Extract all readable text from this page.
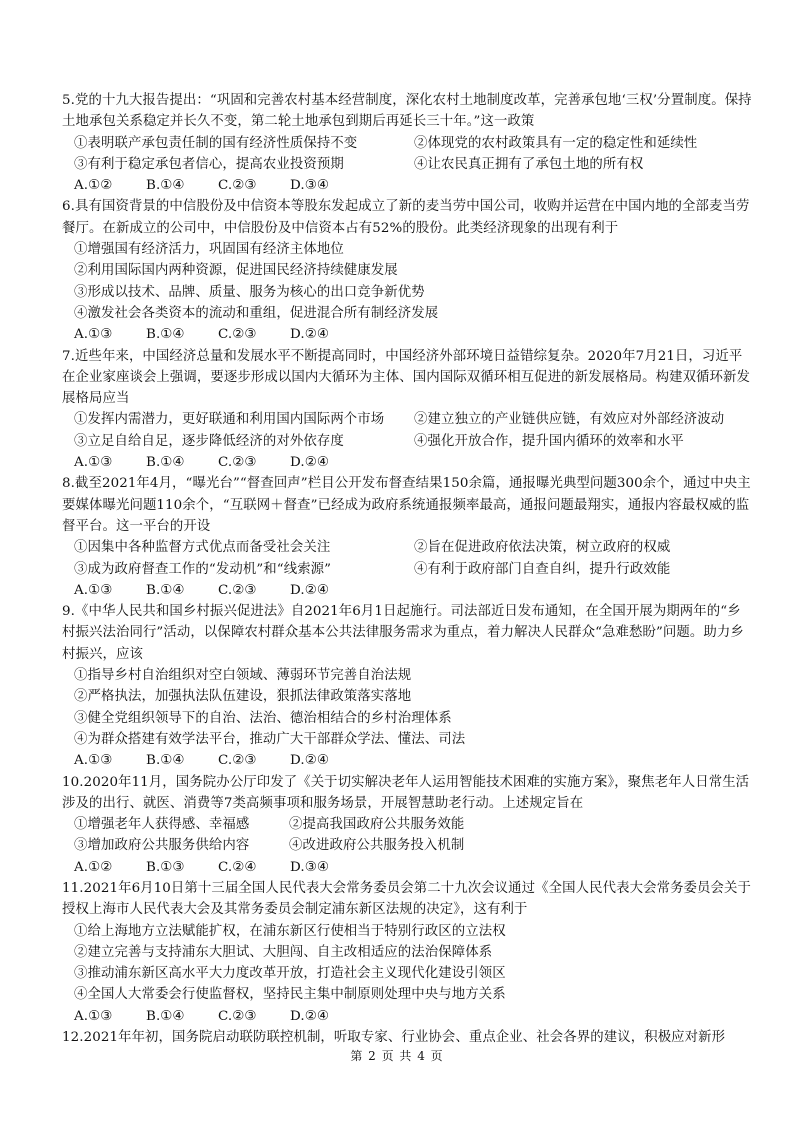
5.党的十九大报告提出：“巩固和完善农村基本经营制度，深化农村土地制度改革，完善承包地‘三权’分置制度。保持土地承包关系稳定并长久不变，第二轮土地承包到期后再延长三十年。”这一政策
①表明联产承包责任制的国有经济性质保持不变	②体现党的农村政策具有一定的稳定性和延续性
③有利于稳定承包者信心，提高农业投资预期	④让农民真正拥有了承包土地的所有权
A.①②	B.①④	C.②③	D.③④
6.具有国资背景的中信股份及中信资本等股东发起成立了新的麦当劳中国公司，收购并运营在中国内地的全部麦当劳餐厅。在新成立的公司中，中信股份及中信资本占有52%的股份。此类经济现象的出现有利于
①增强国有经济活力，巩固国有经济主体地位
②利用国际国内两种资源，促进国民经济持续健康发展
③形成以技术、品牌、质量、服务为核心的出口竞争新优势
④激发社会各类资本的流动和重组，促进混合所有制经济发展
A.①③	B.①④	C.②③	D.②④
7.近些年来，中国经济总量和发展水平不断提高同时，中国经济外部环境日益错综复杂。2020年7月21日，习近平在企业家座谈会上强调，要逐步形成以国内大循环为主体、国内国际双循环相互促进的新发展格局。构建双循环新发展格局应当
①发挥内需潜力，更好联通和利用国内国际两个市场	②建立独立的产业链供应链，有效应对外部经济波动
③立足自给自足，逐步降低经济的对外依存度	④强化开放合作，提升国内循环的效率和水平
A.①③	B.①④	C.②③	D.②④
8.截至2021年4月，“曝光台”“督查回声”栏目公开发布督查结果150余篇，通报曝光典型问题300余个，通过中央主要媒体曝光问题110余个，“互联网＋督查”已经成为政府系统通报频率最高，通报问题最翔实，通报内容最权威的监督平台。这一平台的开设
①因集中各种监督方式优点而备受社会关注	②旨在促进政府依法决策，树立政府的权威
③成为政府督查工作的“发动机”和“线索源”	④有利于政府部门自查自纠，提升行政效能
A.①③	B.①④	C.②③	D.②④
9.《中华人民共和国乡村振兴促进法》自2021年6月1日起施行。司法部近日发布通知，在全国开展为期两年的“乡村振兴法治同行”活动，以保障农村群众基本公共法律服务需求为重点，着力解决人民群众“急难愁盼”问题。助力乡村振兴，应该
①指导乡村自治组织对空白领域、薄弱环节完善自治法规
②严格执法，加强执法队伍建设，狠抓法律政策落实落地
③健全党组织领导下的自治、法治、德治相结合的乡村治理体系
④为群众搭建有效学法平台，推动广大干部群众学法、懂法、司法
A.①③	B.①④	C.②③	D.②④
10.2020年11月，国务院办公厅印发了《关于切实解决老年人运用智能技术困难的实施方案》，聚焦老年人日常生活涉及的出行、就医、消费等7类高频事项和服务场景，开展智慧助老行动。上述规定旨在
①增强老年人获得感、幸福感	②提高我国政府公共服务效能
③增加政府公共服务供给内容	④改进政府公共服务投入机制
A.①②	B.①③	C.②④	D.③④
11.2021年6月10日第十三届全国人民代表大会常务委员会第二十九次会议通过《全国人民代表大会常务委员会关于授权上海市人民代表大会及其常务委员会制定浦东新区法规的决定》，这有利于
①给上海地方立法赋能扩权，在浦东新区行使相当于特别行政区的立法权
②建立完善与支持浦东大胆试、大胆闯、自主改相适应的法治保障体系
③推动浦东新区高水平大力度改革开放，打造社会主义现代化建设引领区
④全国人大常委会行使监督权，坚持民主集中制原则处理中央与地方关系
A.①③	B.①④	C.②③	D.②④
12.2021年年初，国务院启动联防联控机制，听取专家、行业协会、重点企业、社会各界的建议，积极应对新形
第 2 页 共 4 页
